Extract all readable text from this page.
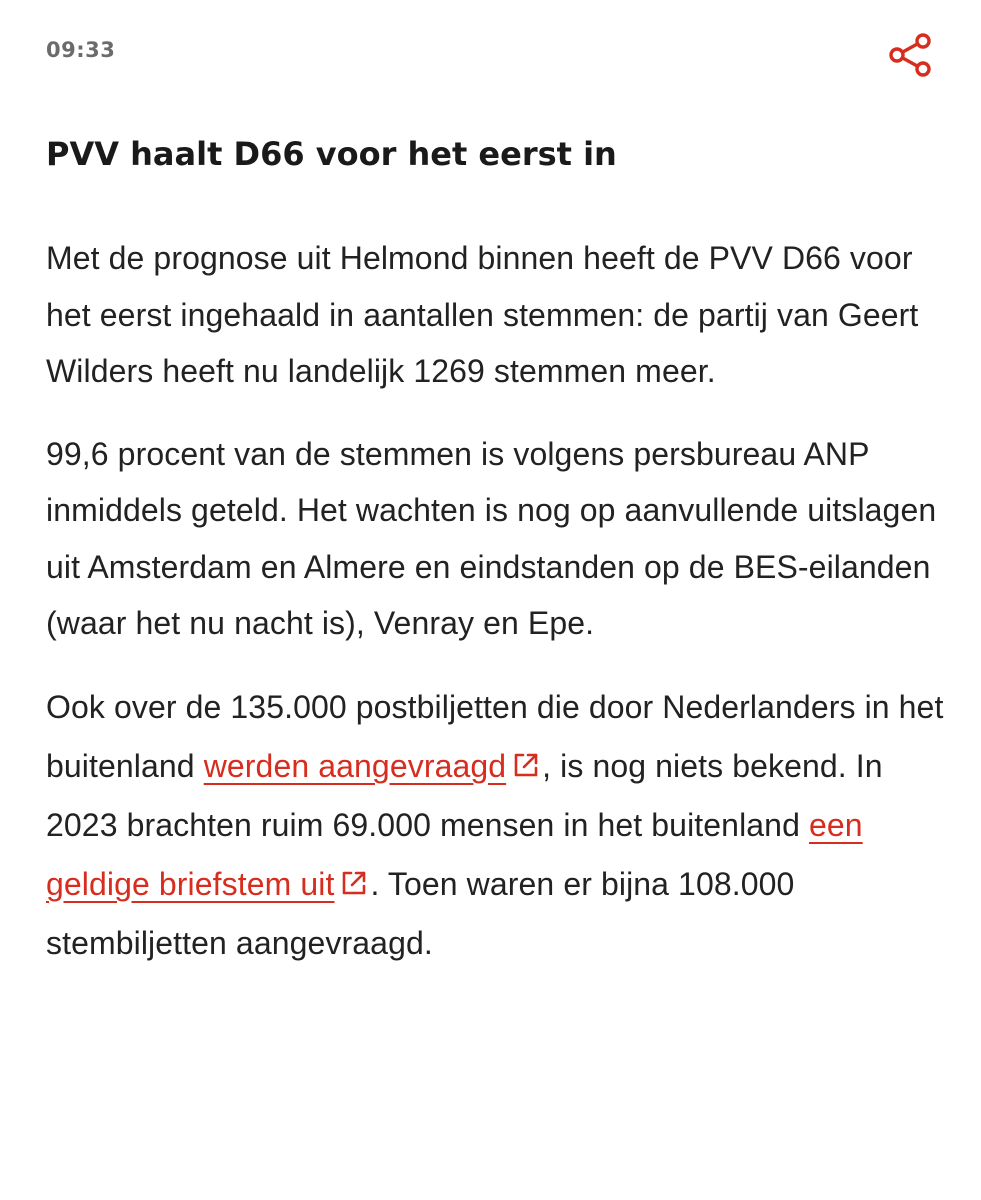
09:33
PVV haalt D66 voor het eerst in

Met de prognose uit Helmond binnen heeft de PVV D66 voor het eerst ingehaald in aantallen stemmen: de partij van Geert Wilders heeft nu landelijk 1269 stemmen meer.

99,6 procent van de stemmen is volgens persbureau ANP inmiddels geteld. Het wachten is nog op aanvullende uitslagen uit Amsterdam en Almere en eindstanden op de BES-eilanden (waar het nu nacht is), Venray en Epe.

Ook over de 135.000 postbiljetten die door Nederlanders in het buitenland werden aangevraagd , is nog niets bekend. In 2023 brachten ruim 69.000 mensen in het buitenland een geldige briefstem uit . Toen waren er bijna 108.000 stembiljetten aangevraagd.
